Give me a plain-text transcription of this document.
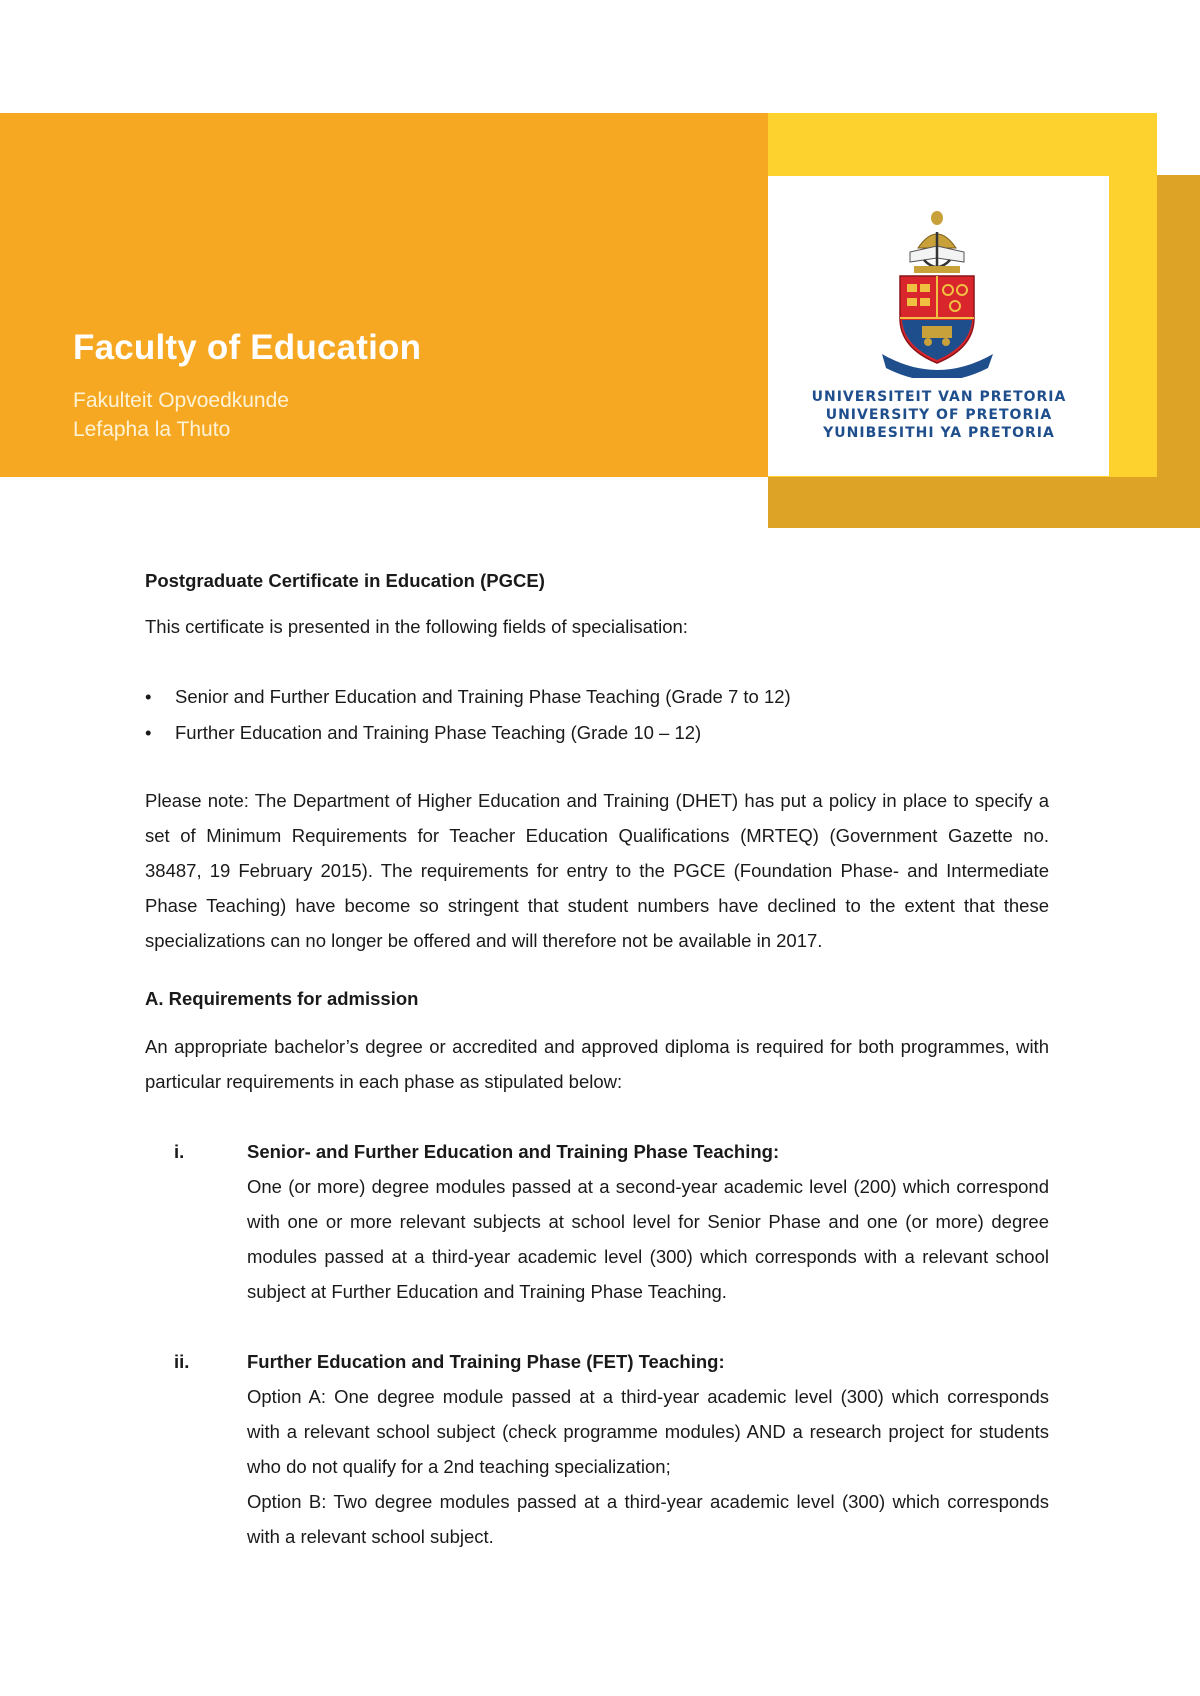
Faculty of Education
Fakulteit Opvoedkunde
Lefapha la Thuto
UNIVERSITEIT VAN PRETORIA
UNIVERSITY OF PRETORIA
YUNIBESITHI YA PRETORIA

Postgraduate Certificate in Education (PGCE)

This certificate is presented in the following fields of specialisation:

• Senior and Further Education and Training Phase Teaching (Grade 7 to 12)
• Further Education and Training Phase Teaching (Grade 10 – 12)

Please note: The Department of Higher Education and Training (DHET) has put a policy in place to specify a set of Minimum Requirements for Teacher Education Qualifications (MRTEQ) (Government Gazette no. 38487, 19 February 2015). The requirements for entry to the PGCE (Foundation Phase- and Intermediate Phase Teaching) have become so stringent that student numbers have declined to the extent that these specializations can no longer be offered and will therefore not be available in 2017.

A. Requirements for admission

An appropriate bachelor’s degree or accredited and approved diploma is required for both programmes, with particular requirements in each phase as stipulated below:

i.	Senior- and Further Education and Training Phase Teaching:

One (or more) degree modules passed at a second-year academic level (200) which correspond with one or more relevant subjects at school level for Senior Phase and one (or more) degree modules passed at a third-year academic level (300) which corresponds with a relevant school subject at Further Education and Training Phase Teaching.

ii.	Further Education and Training Phase (FET) Teaching:

Option A: One degree module passed at a third-year academic level (300) which corresponds with a relevant school subject (check programme modules) AND a research project for students who do not qualify for a 2nd teaching specialization;

Option B: Two degree modules passed at a third-year academic level (300) which corresponds with a relevant school subject.
